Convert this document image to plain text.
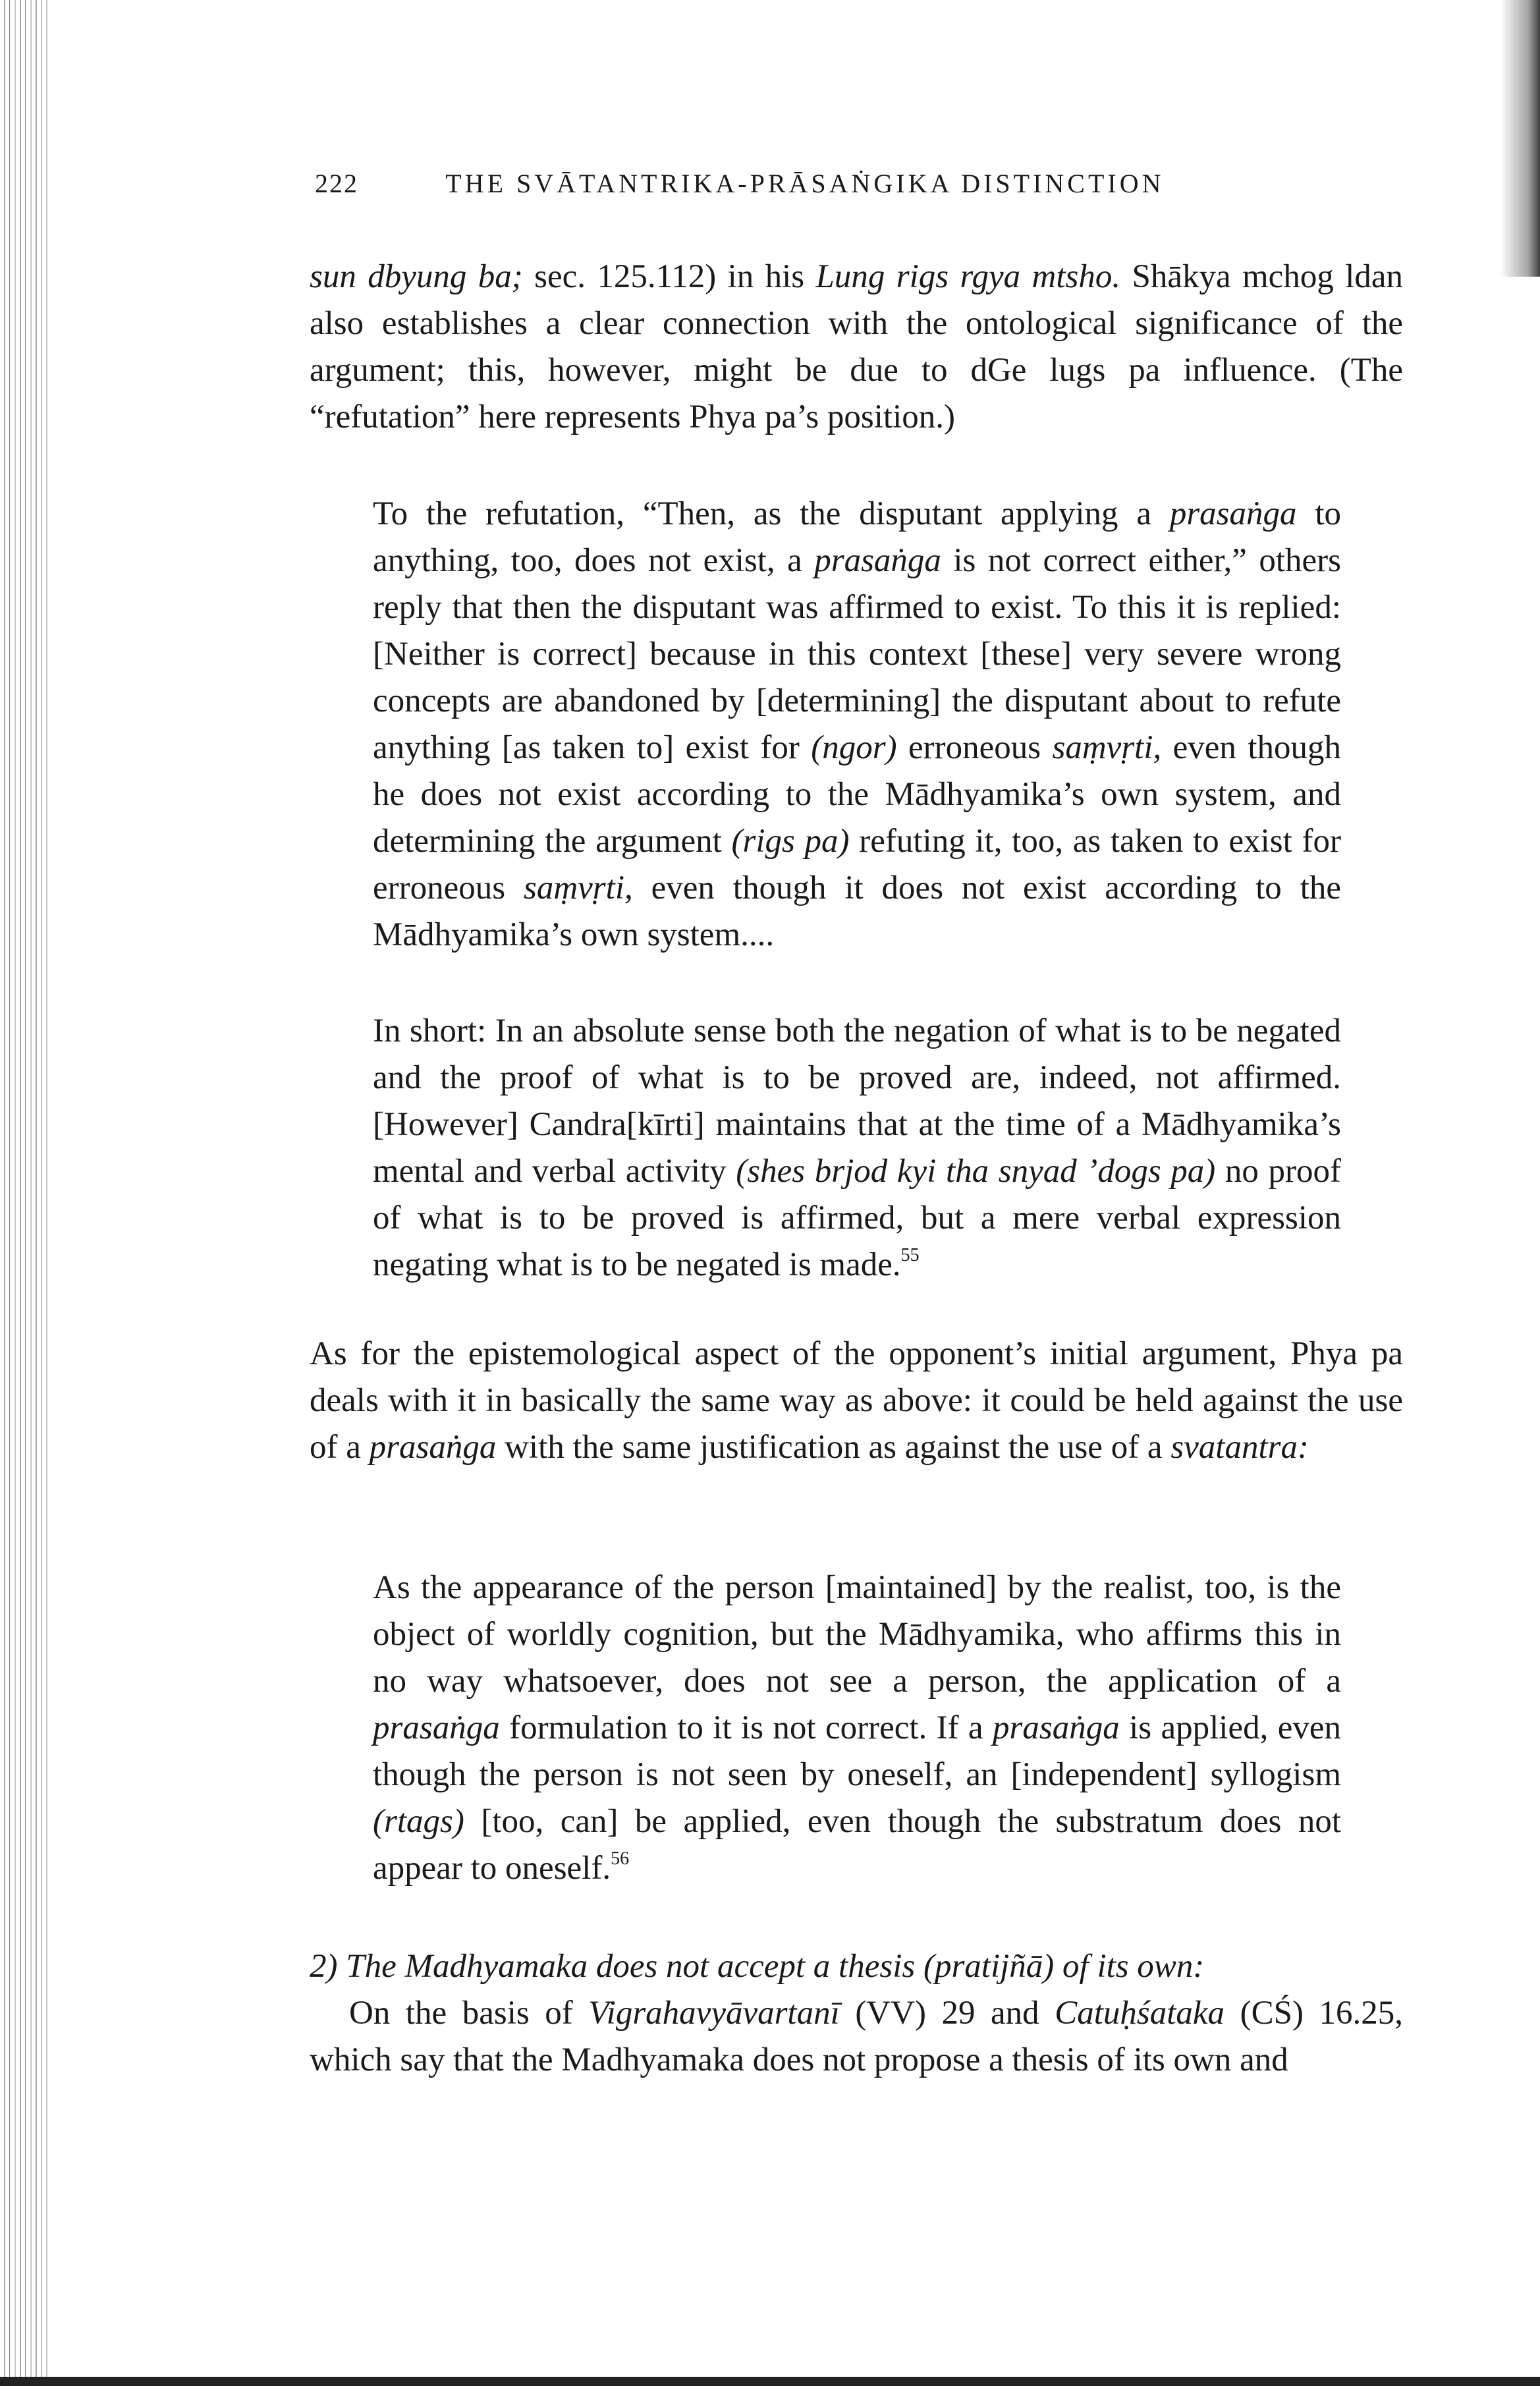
222	THE SVĀTANTRIKA-PRĀSAṄGIKA DISTINCTION

sun dbyung ba; sec. 125.112) in his Lung rigs rgya mtsho. Shākya mchog ldan also establishes a clear connection with the ontological significance of the argument; this, however, might be due to dGe lugs pa influence. (The “refutation” here represents Phya pa’s position.)

To the refutation, “Then, as the disputant applying a prasaṅga to anything, too, does not exist, a prasaṅga is not correct either,” others reply that then the disputant was affirmed to exist. To this it is replied: [Neither is correct] because in this context [these] very severe wrong concepts are abandoned by [determining] the disputant about to refute anything [as taken to] exist for (ngor) erroneous saṃvṛti, even though he does not exist according to the Mādhyamika’s own system, and determining the argument (rigs pa) refuting it, too, as taken to exist for erroneous saṃvṛti, even though it does not exist according to the Mādhyamika’s own system....

In short: In an absolute sense both the negation of what is to be negated and the proof of what is to be proved are, indeed, not affirmed. [However] Candra[kīrti] maintains that at the time of a Mādhyamika’s mental and verbal activity (shes brjod kyi tha snyad ’dogs pa) no proof of what is to be proved is affirmed, but a mere verbal expression negating what is to be negated is made.$^{55}$

As for the epistemological aspect of the opponent’s initial argument, Phya pa deals with it in basically the same way as above: it could be held against the use of a prasaṅga with the same justification as against the use of a svatantra:

As the appearance of the person [maintained] by the realist, too, is the object of worldly cognition, but the Mādhyamika, who affirms this in no way whatsoever, does not see a person, the application of a prasaṅga formulation to it is not correct. If a prasaṅga is applied, even though the person is not seen by oneself, an [independent] syllogism (rtags) [too, can] be applied, even though the substratum does not appear to oneself.$^{56}$

2) The Madhyamaka does not accept a thesis (pratijñā) of its own:

On the basis of Vigrahavyāvartanī (VV) 29 and Catuḥśataka (CŚ) 16.25, which say that the Madhyamaka does not propose a thesis of its own and
